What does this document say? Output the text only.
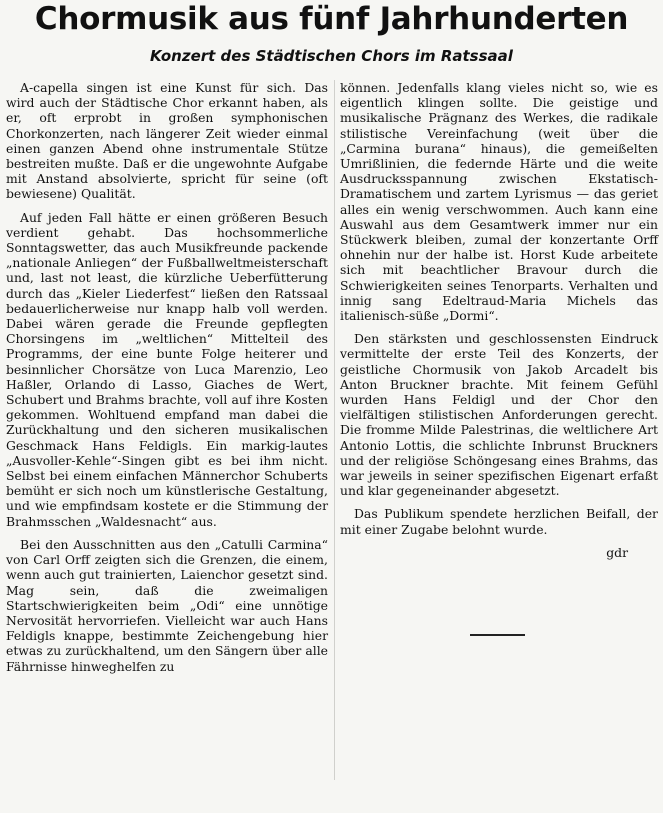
Chormusik aus fünf Jahrhunderten
Konzert des Städtischen Chors im Ratssaal

A-capella singen ist eine Kunst für sich. Das wird auch der Städtische Chor erkannt haben, als er, oft erprobt in großen symphonischen Chorkonzerten, nach längerer Zeit wieder einmal einen ganzen Abend ohne instrumentale Stütze bestreiten mußte. Daß er die ungewohnte Aufgabe mit Anstand absolvierte, spricht für seine (oft bewiesene) Qualität.

Auf jeden Fall hätte er einen größeren Besuch verdient gehabt. Das hochsommerliche Sonntagswetter, das auch Musikfreunde packende „nationale Anliegen“ der Fußballweltmeisterschaft und, last not least, die kürzliche Ueberfütterung durch das „Kieler Liederfest“ ließen den Ratssaal bedauerlicherweise nur knapp halb voll werden. Dabei wären gerade die Freunde gepflegten Chorsingens im „weltlichen“ Mittelteil des Programms, der eine bunte Folge heiterer und besinnlicher Chorsätze von Luca Marenzio, Leo Haßler, Orlando di Lasso, Giaches de Wert, Schubert und Brahms brachte, voll auf ihre Kosten gekommen. Wohltuend empfand man dabei die Zurückhaltung und den sicheren musikalischen Geschmack Hans Feldigls. Ein markig-lautes „Ausvoller-Kehle“-Singen gibt es bei ihm nicht. Selbst bei einem einfachen Männerchor Schuberts bemüht er sich noch um künstlerische Gestaltung, und wie empfindsam kostete er die Stimmung der Brahmsschen „Waldesnacht“ aus.

Bei den Ausschnitten aus den „Catulli Carmina“ von Carl Orff zeigten sich die Grenzen, die einem, wenn auch gut trainierten, Laienchor gesetzt sind. Mag sein, daß die zweimaligen Startschwierigkeiten beim „Odi“ eine unnötige Nervosität hervorriefen. Vielleicht war auch Hans Feldigls knappe, bestimmte Zeichengebung hier etwas zu zurückhaltend, um den Sängern über alle Fährnisse hinweghelfen zu

können. Jedenfalls klang vieles nicht so, wie es eigentlich klingen sollte. Die geistige und musikalische Prägnanz des Werkes, die radikale stilistische Vereinfachung (weit über die „Carmina burana“ hinaus), die gemeißelten Umrißlinien, die federnde Härte und die weite Ausdrucksspannung zwischen Ekstatisch-Dramatischem und zartem Lyrismus — das geriet alles ein wenig verschwommen. Auch kann eine Auswahl aus dem Gesamtwerk immer nur ein Stückwerk bleiben, zumal der konzertante Orff ohnehin nur der halbe ist. Horst Kude arbeitete sich mit beachtlicher Bravour durch die Schwierigkeiten seines Tenorparts. Verhalten und innig sang Edeltraud-Maria Michels das italienisch-süße „Dormi“.

Den stärksten und geschlossensten Eindruck vermittelte der erste Teil des Konzerts, der geistliche Chormusik von Jakob Arcadelt bis Anton Bruckner brachte. Mit feinem Gefühl wurden Hans Feldigl und der Chor den vielfältigen stilistischen Anforderungen gerecht. Die fromme Milde Palestrinas, die weltlichere Art Antonio Lottis, die schlichte Inbrunst Bruckners und der religiöse Schöngesang eines Brahms, das war jeweils in seiner spezifischen Eigenart erfaßt und klar gegeneinander abgesetzt.

Das Publikum spendete herzlichen Beifall, der mit einer Zugabe belohnt wurde.

gdr
